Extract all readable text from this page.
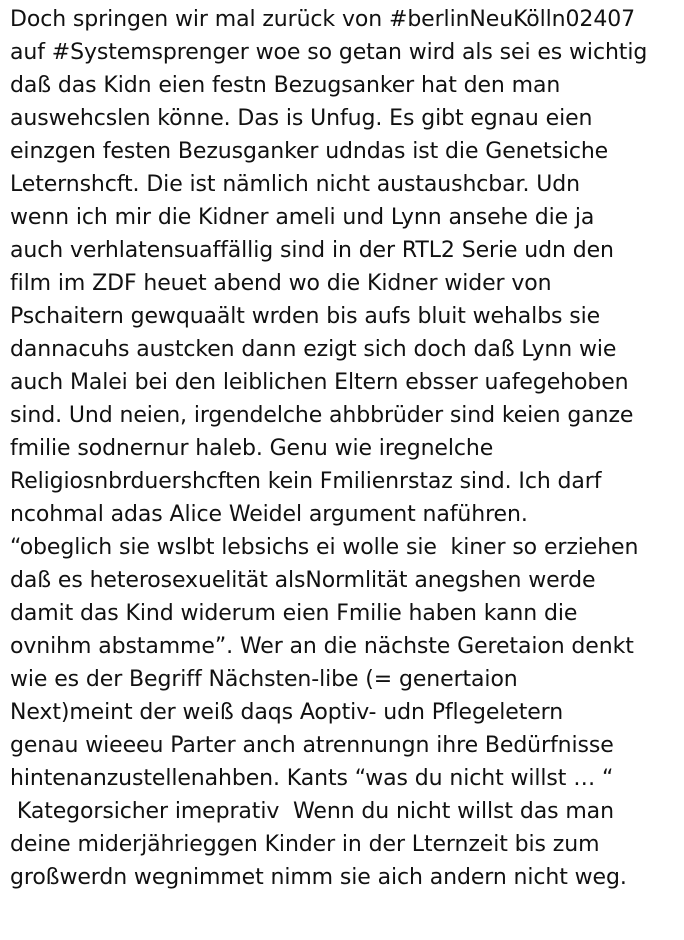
Doch springen wir mal zurück von #berlinNeuKölln02407
auf #Systemsprenger woe so getan wird als sei es wichtig
daß das Kidn eien festn Bezugsanker hat den man
auswehcslen könne. Das is Unfug. Es gibt egnau eien
einzgen festen Bezusganker udndas ist die Genetsiche
Leternshcft. Die ist nämlich nicht austaushcbar. Udn
wenn ich mir die Kidner ameli und Lynn ansehe die ja
auch verhlatensuaffällig sind in der RTL2 Serie udn den
film im ZDF heuet abend wo die Kidner wider von
Pschaitern gewquaält wrden bis aufs bluit wehalbs sie
dannacuhs austcken dann ezigt sich doch daß Lynn wie
auch Malei bei den leiblichen Eltern ebsser uafegehoben
sind. Und neien, irgendelche ahbbrüder sind keien ganze
fmilie sodnernur haleb. Genu wie iregnelche
Religiosnbrduershcften kein Fmilienrstaz sind. Ich darf
ncohmal adas Alice Weidel argument naführen.
“obeglich sie wslbt lebsichs ei wolle sie  kiner so erziehen
daß es heterosexuelität alsNormlität anegshen werde
damit das Kind widerum eien Fmilie haben kann die
ovnihm abstamme”. Wer an die nächste Geretaion denkt
wie es der Begriff Nächsten-libe (= genertaion
Next)meint der weiß daqs Aoptiv- udn Pflegeletern
genau wieeeu Parter anch atrennungn ihre Bedürfnisse
hintenanzustellenahben. Kants “was du nicht willst … “
Kategorsicher imeprativ  Wenn du nicht willst das man
deine miderjährieggen Kinder in der Lternzeit bis zum
großwerdn wegnimmet nimm sie aich andern nicht weg.
